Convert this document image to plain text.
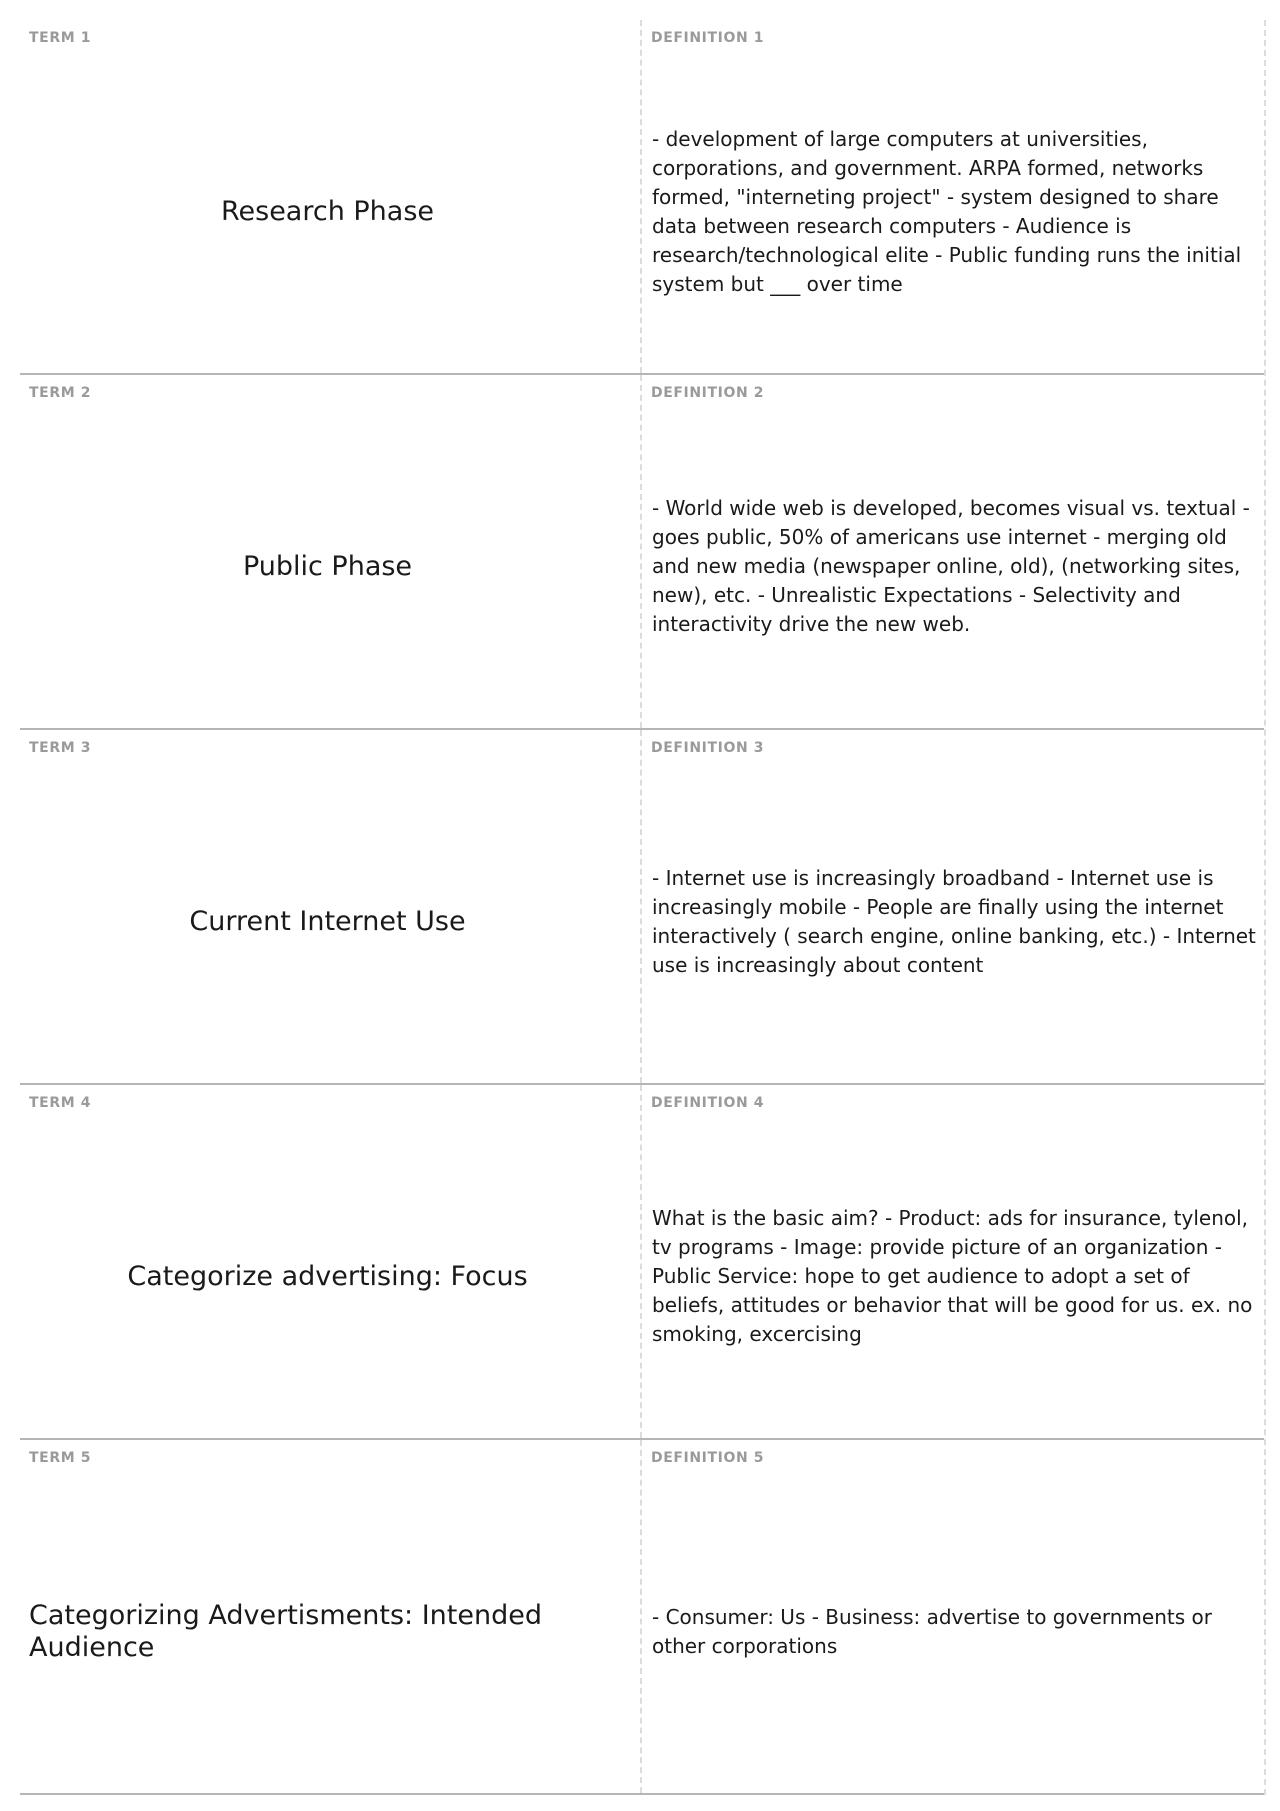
TERM 1
Research Phase
DEFINITION 1
- development of large computers at universities, corporations, and government. ARPA formed, networks formed, "interneting project" - system designed to share data between research computers - Audience is research/technological elite - Public funding runs the initial system but ___ over time
TERM 2
Public Phase
DEFINITION 2
- World wide web is developed, becomes visual vs. textual - goes public, 50% of americans use internet - merging old and new media (newspaper online, old), (networking sites, new), etc. - Unrealistic Expectations - Selectivity and interactivity drive the new web.
TERM 3
Current Internet Use
DEFINITION 3
- Internet use is increasingly broadband - Internet use is increasingly mobile - People are finally using the internet interactively ( search engine, online banking, etc.) - Internet use is increasingly about content
TERM 4
Categorize advertising: Focus
DEFINITION 4
What is the basic aim? - Product: ads for insurance, tylenol, tv programs - Image: provide picture of an organization - Public Service: hope to get audience to adopt a set of beliefs, attitudes or behavior that will be good for us. ex. no smoking, excercising
TERM 5
Categorizing Advertisments: Intended Audience
DEFINITION 5
- Consumer: Us - Business: advertise to governments or other corporations
